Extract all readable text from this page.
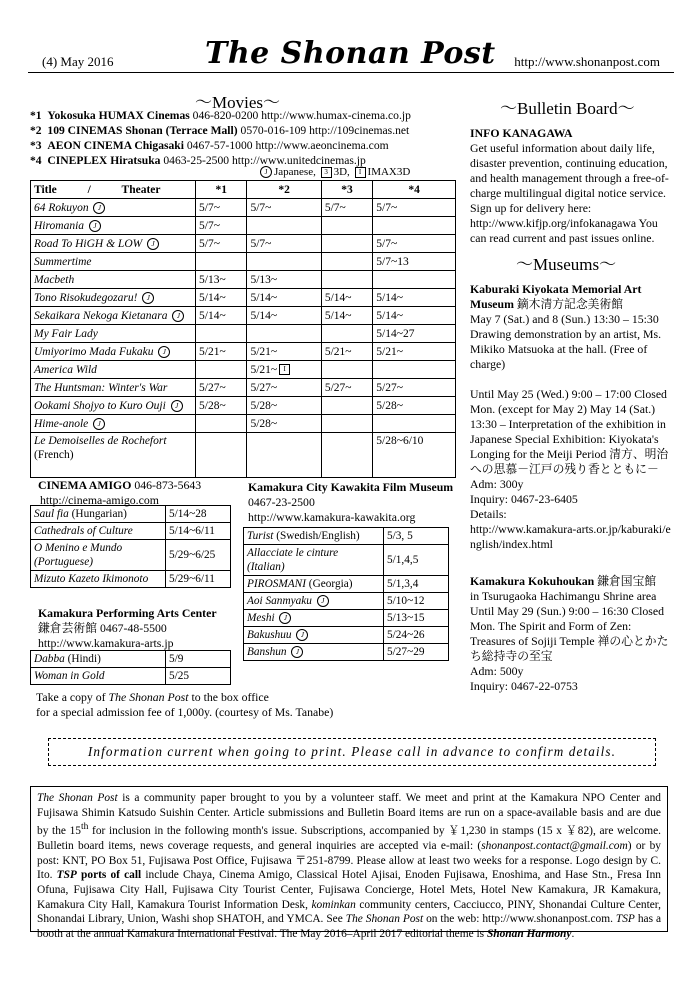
(4) May 2016	The Shonan Post http://www.shonanpost.com
～Movies～
*1 Yokosuka HUMAX Cinemas 046-820-0200 http://www.humax-cinema.co.jp
*2 109 CINEMAS Shonan (Terrace Mall) 0570-016-109 http://109cinemas.net
*3 AEON CINEMA Chigasaki 0467-57-1000 http://www.aeoncinema.com
*4 CINEPLEX Hiratsuka 0463-25-2500 http://www.unitedcinemas.jp
J Japanese, 3 3D, I IMAX3D
Title / Theater	*1	*2	*3	*4
64 Rokuyon J	5/7~	5/7~	5/7~	5/7~
Hiromania J	5/7~			
Road To HiGH & LOW J	5/7~	5/7~		5/7~
Summertime				5/7~13
Macbeth	5/13~	5/13~		
Tono Risokudegozaru! J	5/14~	5/14~	5/14~	5/14~
Sekaikara Nekoga Kietanara J	5/14~	5/14~	5/14~	5/14~
My Fair Lady				5/14~27
Umiyorimo Mada Fukaku J	5/21~	5/21~	5/21~	5/21~
America Wild		5/21~ I		
The Huntsman: Winter's War	5/27~	5/27~	5/27~	5/27~
Ookami Shojyo to Kuro Ouji J	5/28~	5/28~		5/28~
Hime-anole J		5/28~		
Le Demoiselles de Rochefort
(French)				5/28~6/10
CINEMA AMIGO 046-873-5643
http://cinema-amigo.com
Saul fia (Hungarian)	5/14~28
Cathedrals of Culture	5/14~6/11
O Menino e Mundo
(Portuguese)	5/29~6/25
Mizuto Kazeto Ikimonoto	5/29~6/11
Kamakura Performing Arts Center
鎌倉芸術館 0467-48-5500
http://www.kamakura-arts.jp
Dabba (Hindi)	5/9
Woman in Gold	5/25
Kamakura City Kawakita Film Museum
0467-23-2500
http://www.kamakura-kawakita.org
Turist (Swedish/English)	5/3, 5
Allacciate le cinture
(Italian)	5/1,4,5
PIROSMANI (Georgia)	5/1,3,4
Aoi Sanmyaku J	5/10~12
Meshi J	5/13~15
Bakushuu J	5/24~26
Banshun J	5/27~29
Take a copy of The Shonan Post to the box office
for a special admission fee of 1,000y. (courtesy of Ms. Tanabe)
～Bulletin Board～
INFO KANAGAWA
Get useful information about daily life, disaster prevention, continuing education, and health management through a free-of-charge multilingual digital notice service. Sign up for delivery here: http://www.kifjp.org/infokanagawa You can read current and past issues online.
～Museums～
Kaburaki Kiyokata Memorial Art Museum 鏑木清方記念美術館
May 7 (Sat.) and 8 (Sun.) 13:30 – 15:30 Drawing demonstration by an artist, Ms. Mikiko Matsuoka at the hall. (Free of charge)
Until May 25 (Wed.) 9:00 – 17:00 Closed Mon. (except for May 2) May 14 (Sat.) 13:30 – Interpretation of the exhibition in Japanese Special Exhibition: Kiyokata's Longing for the Meiji Period 清方、明治への思慕－江戸の残り香とともに－
Adm: 300y
Inquiry: 0467-23-6405
Details:
http://www.kamakura-arts.or.jp/kaburaki/english/index.html
Kamakura Kokuhoukan 鎌倉国宝館
in Tsurugaoka Hachimangu Shrine area Until May 29 (Sun.) 9:00 – 16:30 Closed Mon. The Spirit and Form of Zen: Treasures of Sojiji Temple 禅の心とかたち総持寺の至宝
Adm: 500y
Inquiry: 0467-22-0753
Information current when going to print. Please call in advance to confirm details.
The Shonan Post is a community paper brought to you by a volunteer staff. We meet and print at the Kamakura NPO Center and Fujisawa Shimin Katsudo Suishin Center. Article submissions and Bulletin Board items are run on a space-available basis and are due by the 15th for inclusion in the following month's issue. Subscriptions, accompanied by ￥1,230 in stamps (15 x ￥82), are welcome. Bulletin board items, news coverage requests, and general inquiries are accepted via e-mail: (shonanpost.contact@gmail.com) or by post: KNT, PO Box 51, Fujisawa Post Office, Fujisawa 〒251-8799. Please allow at least two weeks for a response. Logo design by C. Ito. TSP ports of call include Chaya, Cinema Amigo, Classical Hotel Ajisai, Enoden Fujisawa, Enoshima, and Hase Stn., Fresa Inn Ofuna, Fujisawa City Hall, Fujisawa City Tourist Center, Fujisawa Concierge, Hotel Mets, Hotel New Kamakura, JR Kamakura, Kamakura City Hall, Kamakura Tourist Information Desk, kominkan community centers, Cacciucco, PINY, Shonandai Culture Center, Shonandai Library, Union, Washi shop SHATOH, and YMCA. See The Shonan Post on the web: http://www.shonanpost.com. TSP has a booth at the annual Kamakura International Festival. The May 2016–April 2017 editorial theme is Shonan Harmony.
